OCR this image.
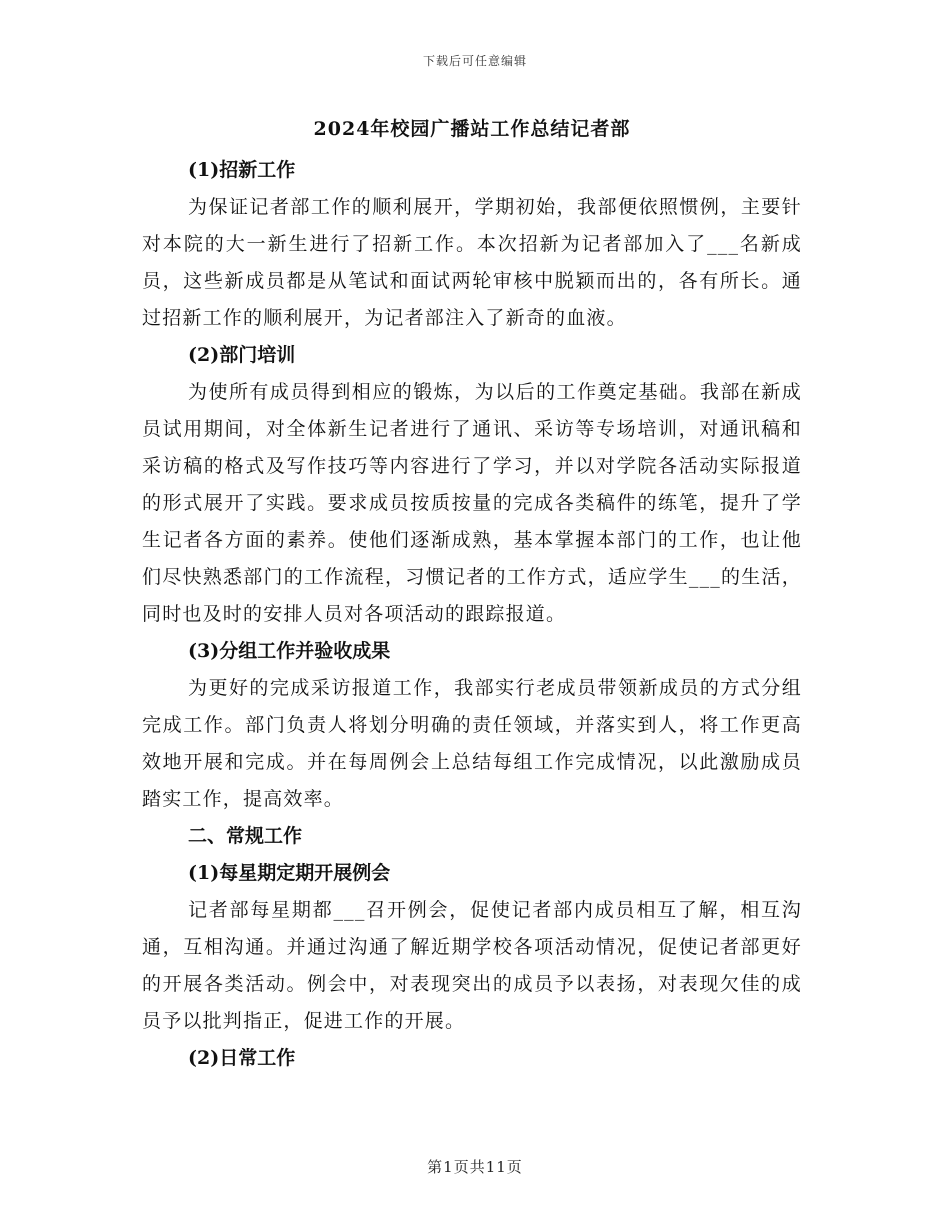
下载后可任意编辑
2024年校园广播站工作总结记者部
(1)招新工作

为保证记者部工作的顺利展开，学期初始，我部便依照惯例，主要针对本院的大一新生进行了招新工作。本次招新为记者部加入了___名新成员，这些新成员都是从笔试和面试两轮审核中脱颖而出的，各有所长。通过招新工作的顺利展开，为记者部注入了新奇的血液。

(2)部门培训

为使所有成员得到相应的锻炼，为以后的工作奠定基础。我部在新成员试用期间，对全体新生记者进行了通讯、采访等专场培训，对通讯稿和采访稿的格式及写作技巧等内容进行了学习，并以对学院各活动实际报道的形式展开了实践。要求成员按质按量的完成各类稿件的练笔，提升了学生记者各方面的素养。使他们逐渐成熟，基本掌握本部门的工作，也让他们尽快熟悉部门的工作流程，习惯记者的工作方式，适应学生___的生活，同时也及时的安排人员对各项活动的跟踪报道。

(3)分组工作并验收成果

为更好的完成采访报道工作，我部实行老成员带领新成员的方式分组完成工作。部门负责人将划分明确的责任领域，并落实到人，将工作更高效地开展和完成。并在每周例会上总结每组工作完成情况，以此激励成员踏实工作，提高效率。

二、常规工作
(1)每星期定期开展例会

记者部每星期都___召开例会，促使记者部内成员相互了解，相互沟通，互相沟通。并通过沟通了解近期学校各项活动情况，促使记者部更好的开展各类活动。例会中，对表现突出的成员予以表扬，对表现欠佳的成员予以批判指正，促进工作的开展。

(2)日常工作
第1页共11页
